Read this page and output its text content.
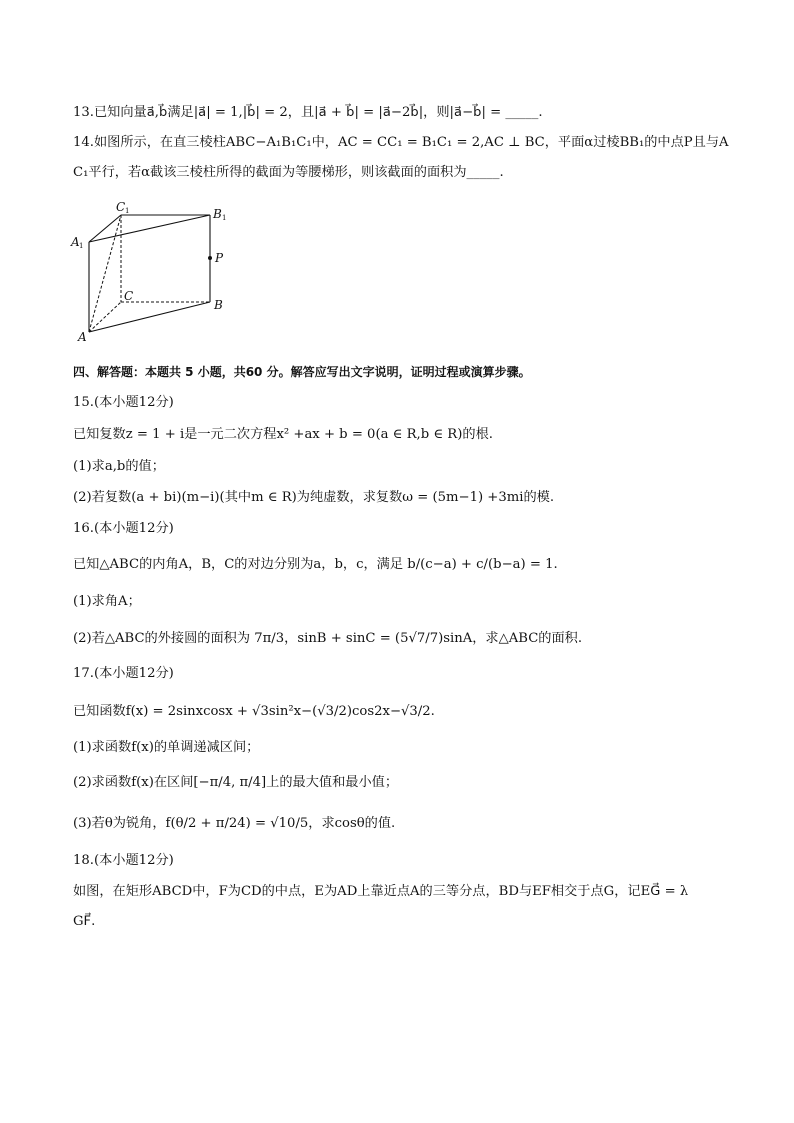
13.已知向量a⃗,b⃗满足|a⃗| = 1,|b⃗| = 2，且|a⃗ + b⃗| = |a⃗−2b⃗|，则|a⃗−b⃗| = _____.
14.如图所示，在直三棱柱ABC−A₁B₁C₁中，AC = CC₁ = B₁C₁ = 2,AC ⊥ BC，平面α过棱BB₁的中点P且与A
C₁平行，若α截该三棱柱所得的截面为等腰梯形，则该截面的面积为_____.
C 1	B 1
A 1
P
C
B
A
四、解答题：本题共 5 小题，共60 分。解答应写出文字说明，证明过程或演算步骤。
15.(本小题12分)
已知复数z = 1 + i是一元二次方程x² +ax + b = 0(a ∈ R,b ∈ R)的根.
(1)求a,b的值；
(2)若复数(a + bi)(m−i)(其中m ∈ R)为纯虚数，求复数ω = (5m−1) +3mi的模.
16.(本小题12分)
已知△ABC的内角A，B，C的对边分别为a，b，c，满足 b/(c−a) + c/(b−a) = 1.
(1)求角A；
(2)若△ABC的外接圆的面积为 7π/3，sinB + sinC = (5√7/7)sinA，求△ABC的面积.
17.(本小题12分)
已知函数f(x) = 2sinxcosx + √3sin²x−(√3/2)cos2x−√3/2.
(1)求函数f(x)的单调递减区间；
(2)求函数f(x)在区间[−π/4, π/4]上的最大值和最小值；
(3)若θ为锐角，f(θ/2 + π/24) = √10/5，求cosθ的值.
18.(本小题12分)
如图，在矩形ABCD中，F为CD的中点，E为AD上靠近点A的三等分点，BD与EF相交于点G，记EG⃗ = λ
GF⃗.
